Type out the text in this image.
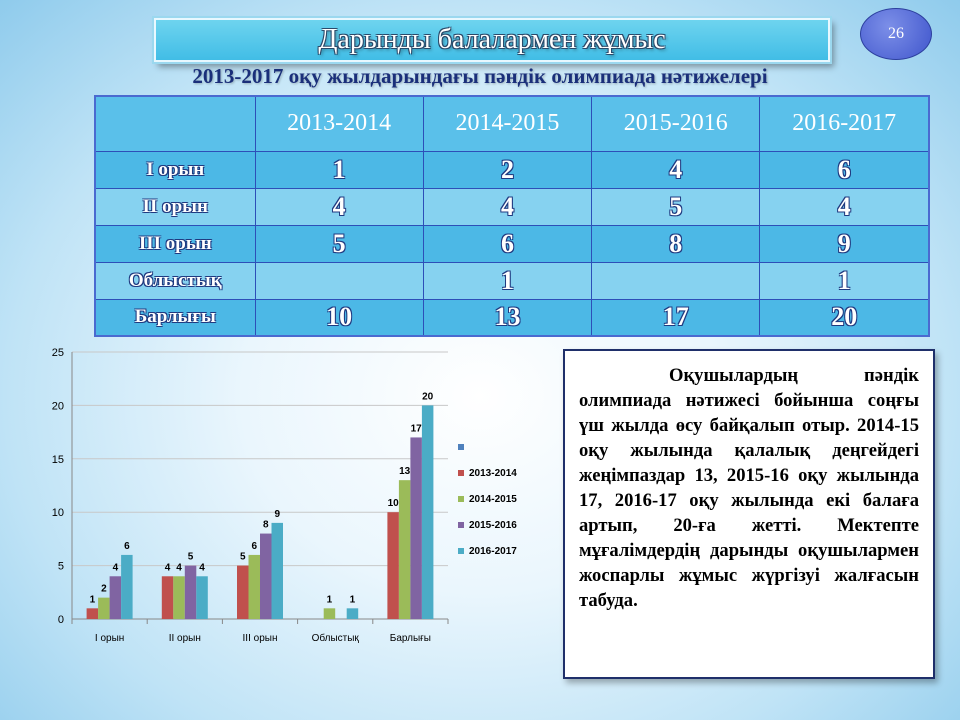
Дарынды балалармен жұмыс	26
2013-2017 оқу жылдарындағы пәндік олимпиада нәтижелері
	2013-2014	2014-2015	2015-2016	2016-2017
І орын	1	2	4	6
ІІ орын	4	4	5	4
ІІІ орын	5	6	8	9
Облыстық		1		1
Барлығы	10	13	17	20
0
5
10
15
20
25
І орын	ІІ орын	ІІІ орын	Облыстық	Барлығы
1
4
5
10
2
4
6
1
13
4
5
8
17
6
4
9
1
20
2013-2014
2014-2015
2015-2016
2016-2017

Оқушылардың пәндік олимпиада нәтижесі бойынша соңғы үш жылда өсу байқалып отыр. 2014-15 оқу жылында қалалық деңгейдегі жеңімпаздар 13, 2015-16 оқу жылында 17, 2016-17 оқу жылында екі балаға артып, 20-ға жетті. Мектепте мұғалімдердің дарынды оқушылармен жоспарлы жұмыс жүргізуі жалғасын табуда.
